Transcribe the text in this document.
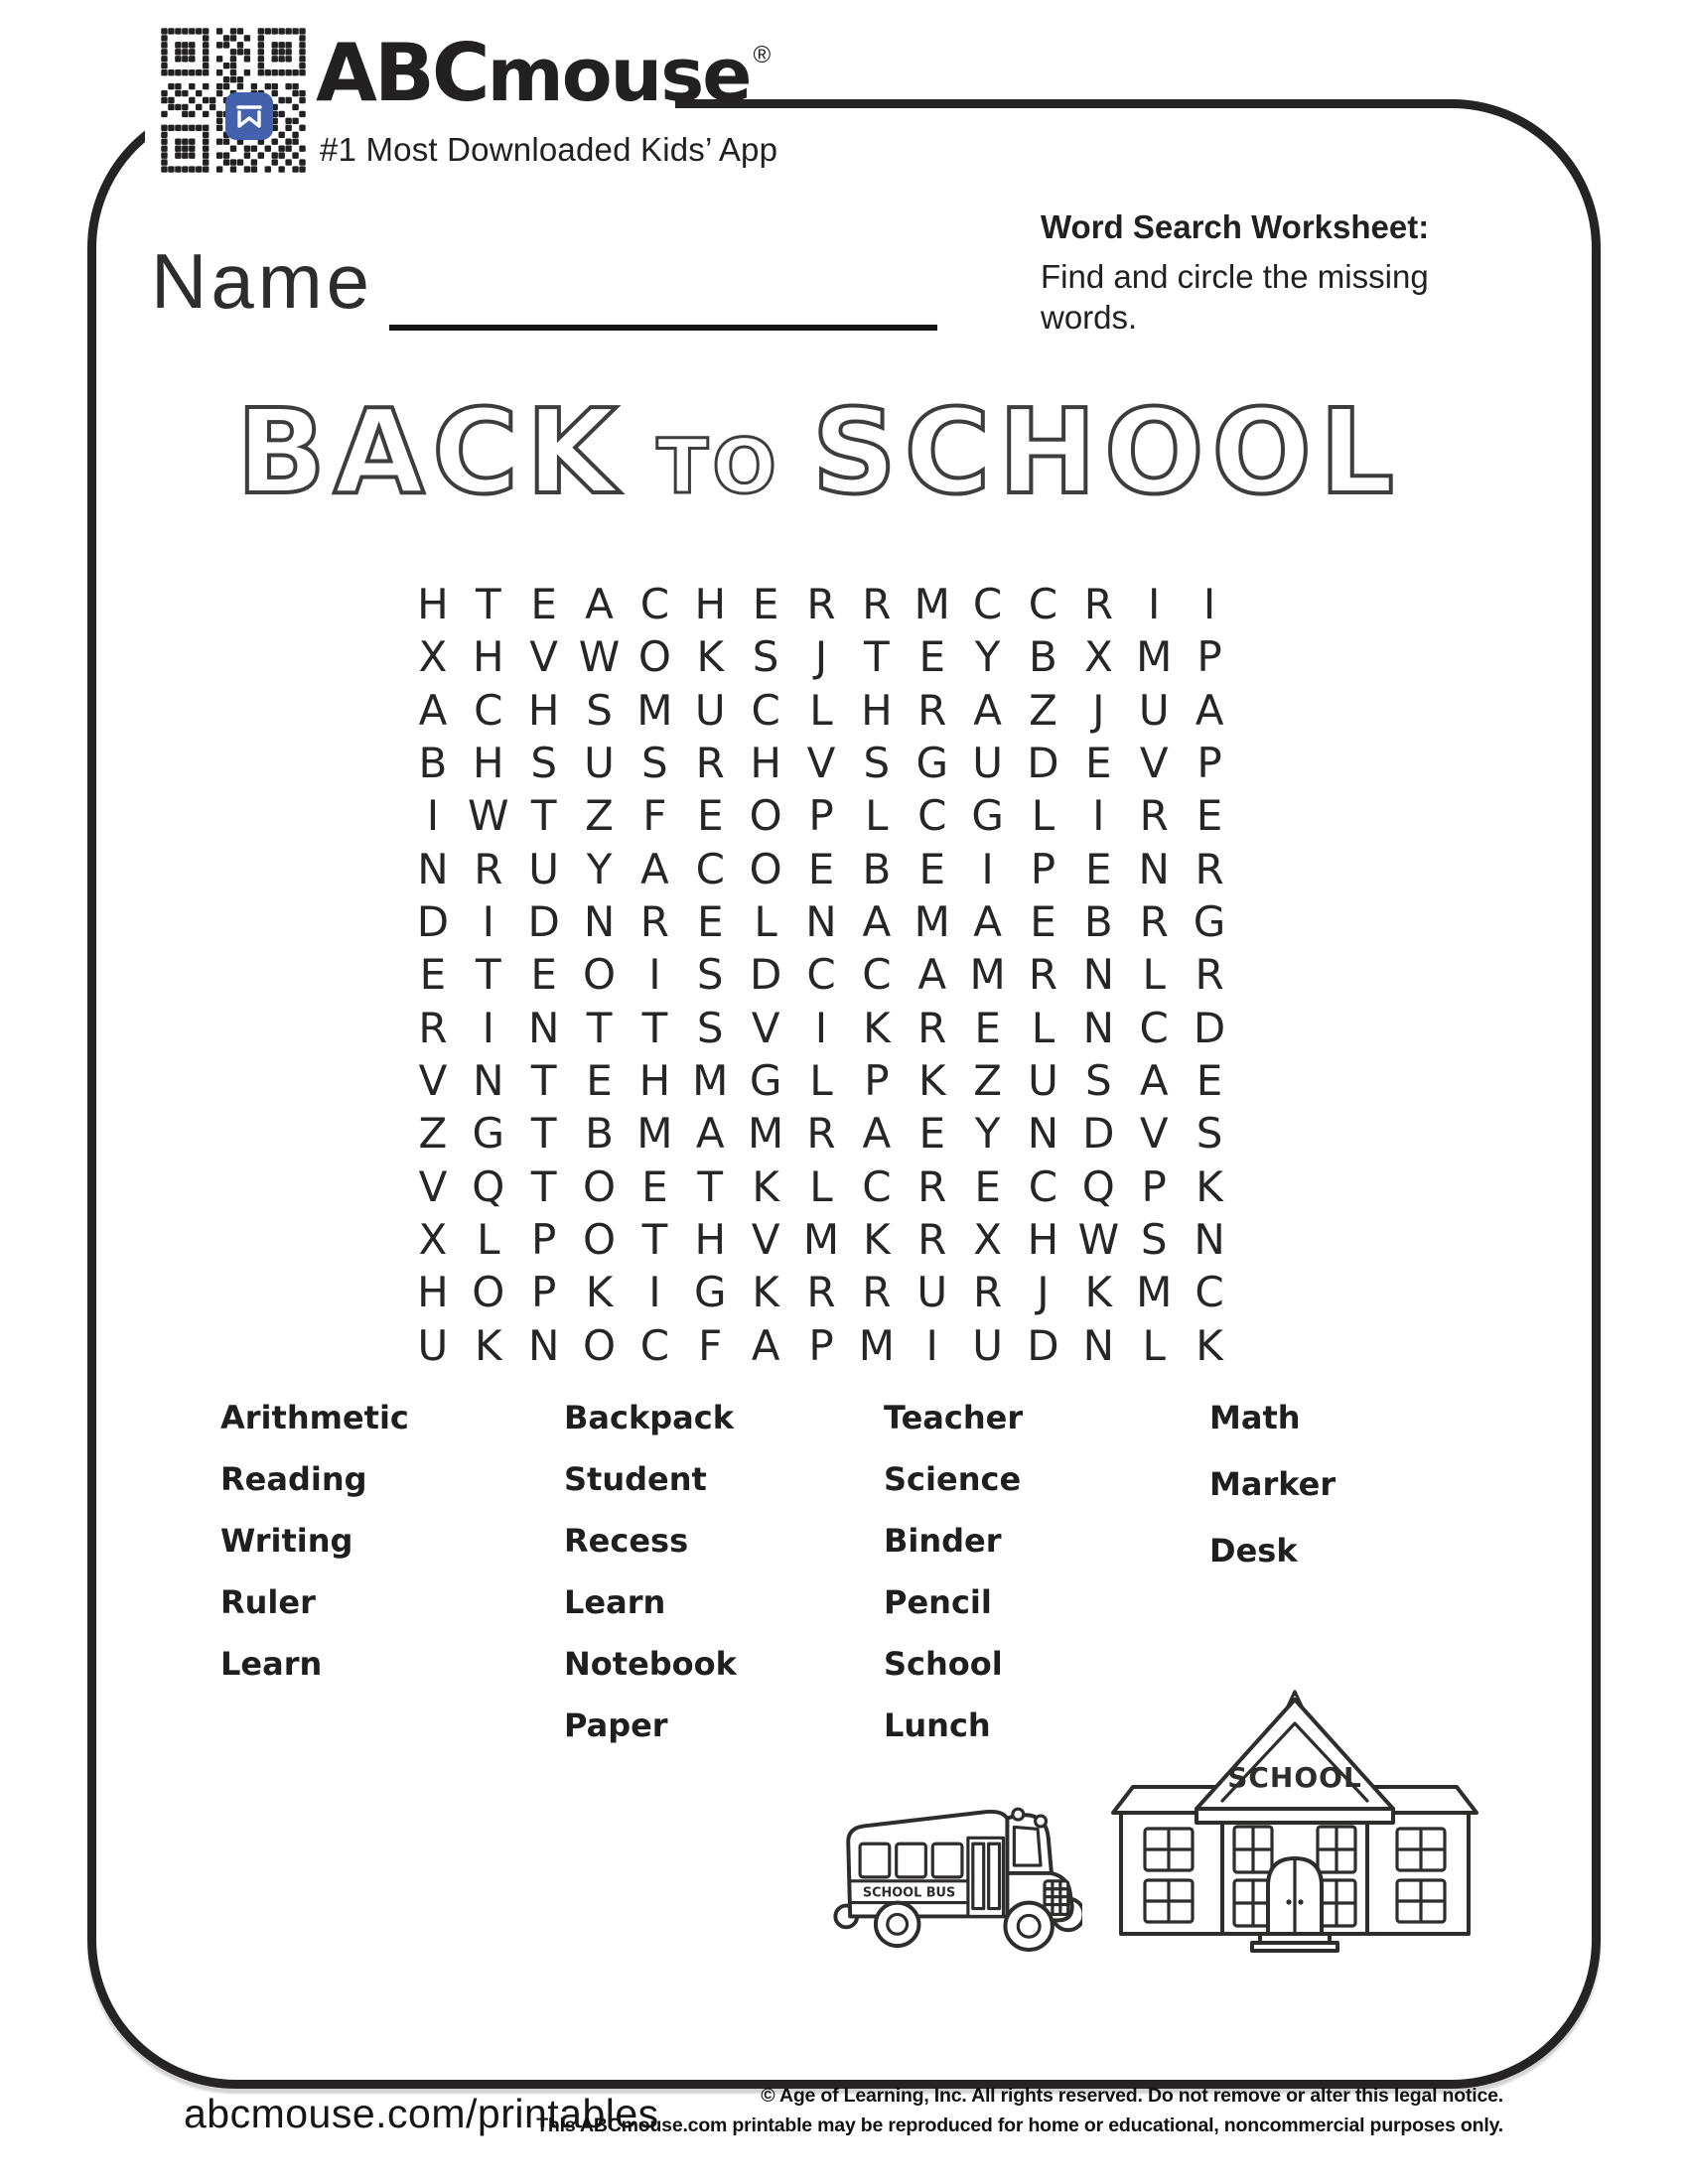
ABC mouse ®
#1 Most Downloaded Kids’ App
Name
Word Search Worksheet:
Find and circle the missing
words.
BACK TO SCHOOL
H T E A C H E R R M C C R I	I
X H V W O K S J T E Y B X M P
A C H S M U C L H R A Z J U A
B H S U S R H V S G U D E V P
I W T Z F E O P L C G L I R E
N R U Y A C O E B E I P E N R
D I D N R E L N A M A E B R G
E T E O I S D C C A M R N L R
R I N T T S V I K R E L N C D
V N T E H M G L P K Z U S A E
Z G T B M A M R A E Y N D V S
V Q T O E T K L C R E C Q P K
X L P O T H V M K R X H W S N
H O P K I G K R R U R J K M C
U K N O C F A P M I U D N L K
Arithmetic
Reading
Writing
Ruler
Learn
Backpack
Student
Recess
Learn
Notebook
Paper
Teacher
Science
Binder
Pencil
School
Lunch
Math
Marker
Desk
SCHOOL BUS
SCHOOL
abcmouse.com/printables	© Age of Learning, Inc. All rights reserved. Do not remove or alter this legal notice.
This ABCmouse.com printable may be reproduced for home or educational, noncommercial purposes only.
